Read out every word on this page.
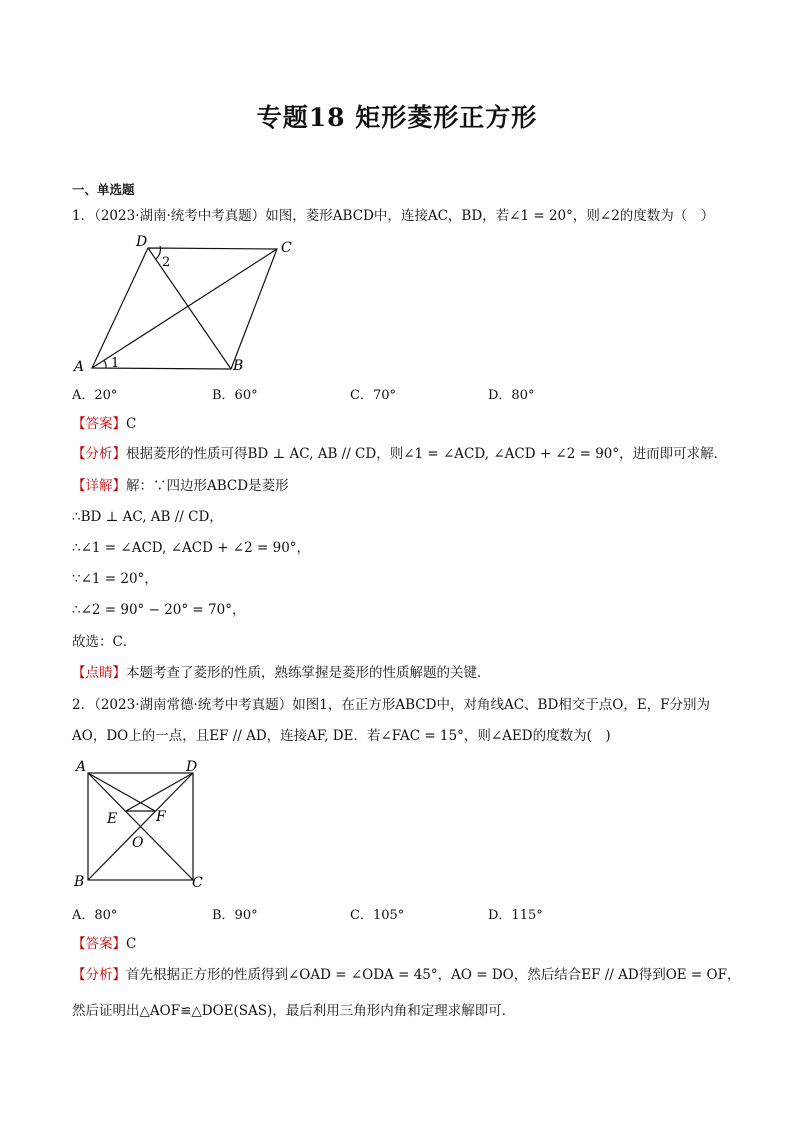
专题18 矩形菱形正方形
一、单选题
1．（2023·湖南·统考中考真题）如图，菱形ABCD中，连接AC，BD，若∠1 = 20°，则∠2的度数为（　）
A	B
C
D
1
2
A．20°	B．60°	C．70°	D．80°
【答案】C
【分析】根据菱形的性质可得BD ⊥ AC, AB // CD，则∠1 = ∠ACD, ∠ACD + ∠2 = 90°，进而即可求解．
【详解】解：∵四边形ABCD是菱形
∴BD ⊥ AC, AB // CD，
∴∠1 = ∠ACD, ∠ACD + ∠2 = 90°，
∵∠1 = 20°，
∴∠2 = 90° − 20° = 70°，
故选：C．
【点睛】本题考查了菱形的性质，熟练掌握是菱形的性质解题的关键．
2．（2023·湖南常德·统考中考真题）如图1，在正方形ABCD中，对角线AC、BD相交于点O，E，F分别为
AO，DO上的一点，且EF // AD，连接AF, DE．若∠FAC = 15°，则∠AED的度数为(　)
A	D
B	C
E	F
O
A．80°	B．90°	C．105°	D．115°
【答案】C
【分析】首先根据正方形的性质得到∠OAD = ∠ODA = 45°，AO = DO，然后结合EF // AD得到OE = OF，
然后证明出△AOF≌△DOE(SAS)，最后利用三角形内角和定理求解即可．
